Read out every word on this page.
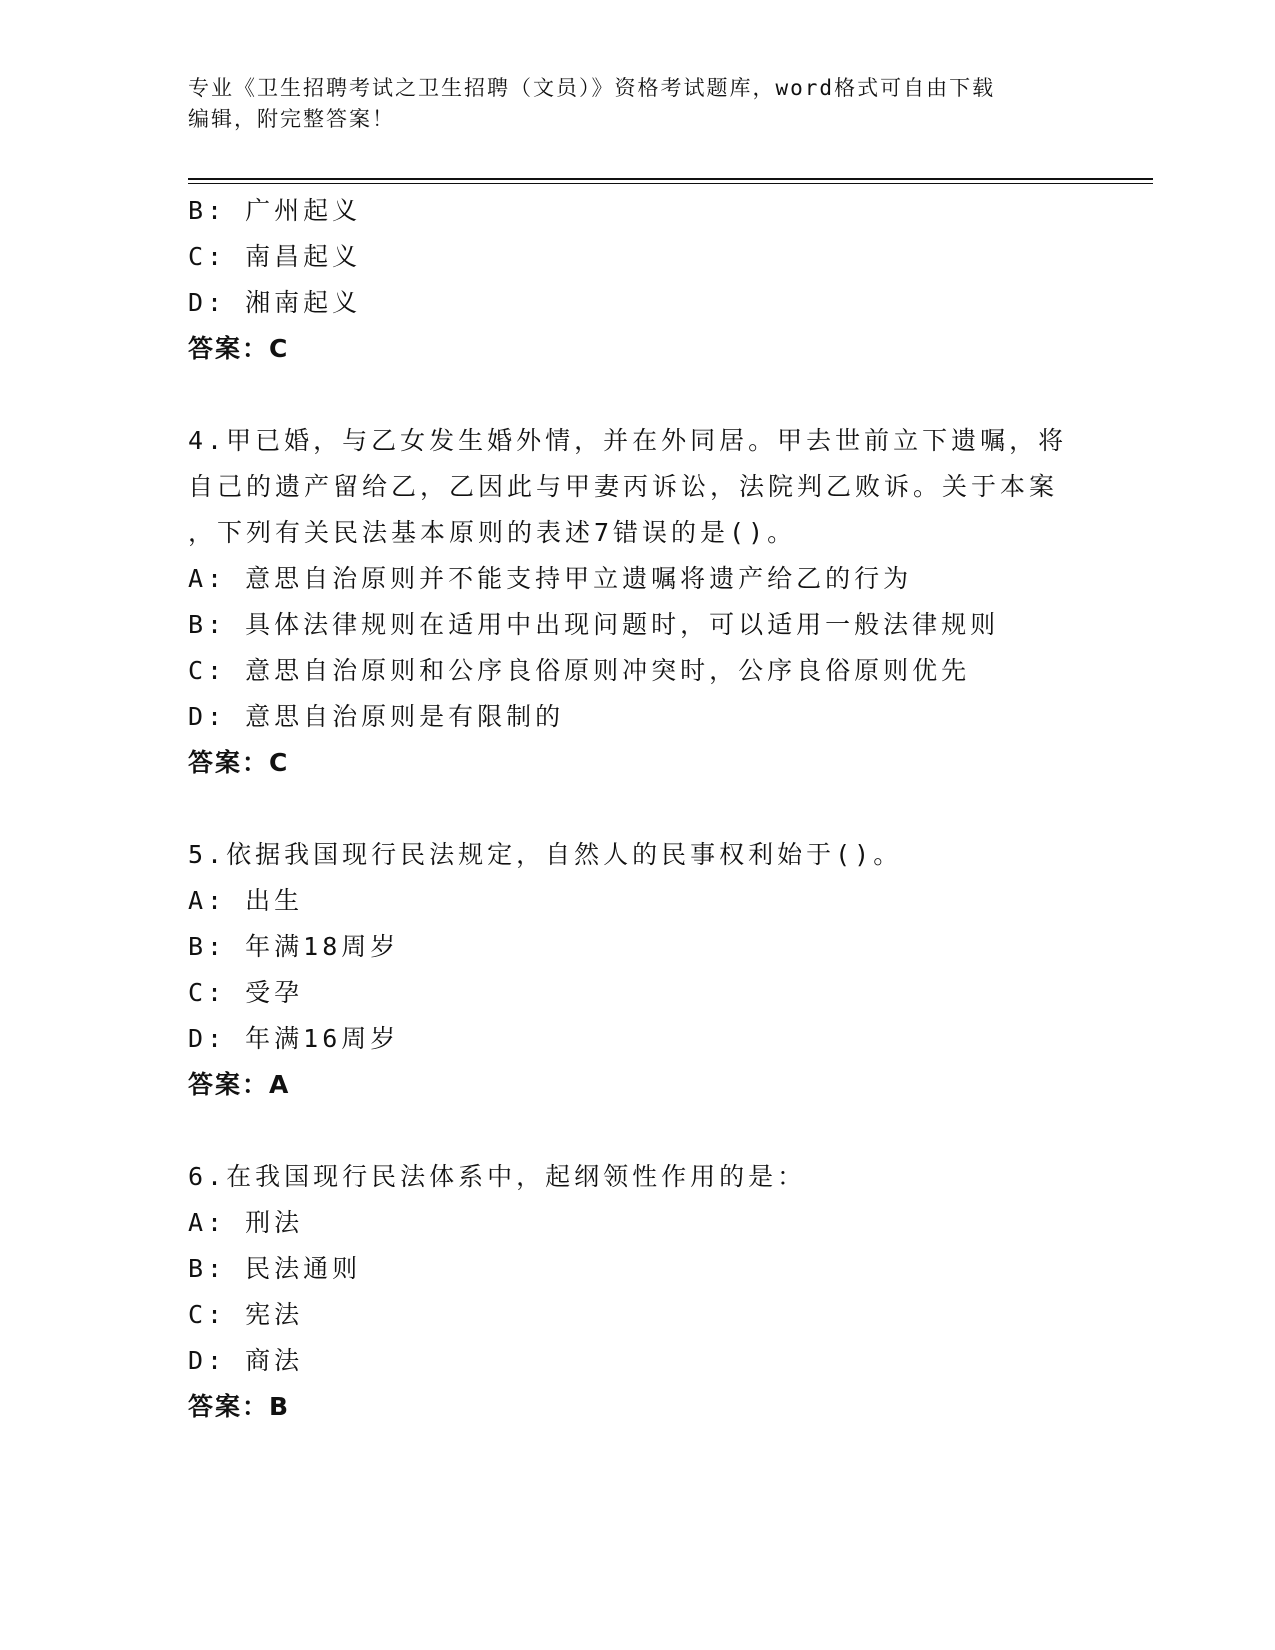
专业《卫生招聘考试之卫生招聘（文员）》资格考试题库，word格式可自由下载
编辑，附完整答案！
B: 广州起义
C: 南昌起义
D: 湘南起义
答案：C
4.甲已婚，与乙女发生婚外情，并在外同居。甲去世前立下遗嘱，将
自己的遗产留给乙，乙因此与甲妻丙诉讼，法院判乙败诉。关于本案
，下列有关民法基本原则的表述7错误的是()。
A: 意思自治原则并不能支持甲立遗嘱将遗产给乙的行为
B: 具体法律规则在适用中出现问题时，可以适用一般法律规则
C: 意思自治原则和公序良俗原则冲突时，公序良俗原则优先
D: 意思自治原则是有限制的
答案：C
5.依据我国现行民法规定，自然人的民事权利始于()。
A: 出生
B: 年满18周岁
C: 受孕
D: 年满16周岁
答案：A
6.在我国现行民法体系中，起纲领性作用的是：
A: 刑法
B: 民法通则
C: 宪法
D: 商法
答案：B
